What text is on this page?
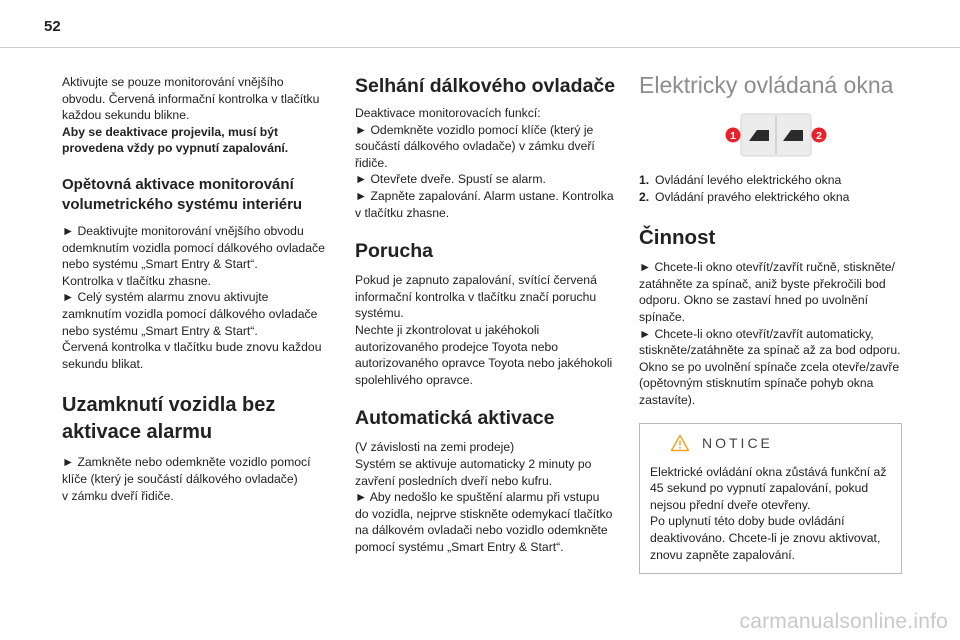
52

Aktivujte se pouze monitorování vnějšího
obvodu. Červená informační kontrolka v tlačítku
každou sekundu blikne.
Aby se deaktivace projevila, musí být
provedena vždy po vypnutí zapalování.

Opětovná aktivace monitorování
volumetrického systému interiéru

► Deaktivujte monitorování vnějšího obvodu
odemknutím vozidla pomocí dálkového ovladače
nebo systému „Smart Entry & Start“.
Kontrolka v tlačítku zhasne.
► Celý systém alarmu znovu aktivujte
zamknutím vozidla pomocí dálkového ovladače
nebo systému „Smart Entry & Start“.
Červená kontrolka v tlačítku bude znovu každou
sekundu blikat.

Uzamknutí vozidla bez
aktivace alarmu

► Zamkněte nebo odemkněte vozidlo pomocí
klíče (který je součástí dálkového ovladače)
v zámku dveří řidiče.

Selhání dálkového ovladače

Deaktivace monitorovacích funkcí:
► Odemkněte vozidlo pomocí klíče (který je
součástí dálkového ovladače) v zámku dveří
řidiče.
► Otevřete dveře. Spustí se alarm.
► Zapněte zapalování. Alarm ustane. Kontrolka
v tlačítku zhasne.

Porucha

Pokud je zapnuto zapalování, svítící červená
informační kontrolka v tlačítku značí poruchu
systému.
Nechte ji zkontrolovat u jakéhokoli
autorizovaného prodejce Toyota nebo
autorizovaného opravce Toyota nebo jakéhokoli
spolehlivého opravce.

Automatická aktivace

(V závislosti na zemi prodeje)
Systém se aktivuje automaticky 2 minuty po
zavření posledních dveří nebo kufru.
► Aby nedošlo ke spuštění alarmu při vstupu
do vozidla, nejprve stiskněte odemykací tlačítko
na dálkovém ovladači nebo vozidlo odemkněte
pomocí systému „Smart Entry & Start“.

Elektricky ovládaná okna
1	2
1. Ovládání levého elektrického okna
2. Ovládání pravého elektrického okna
Činnost

► Chcete-li okno otevřít/zavřít ručně, stiskněte/
zatáhněte za spínač, aniž byste překročili bod
odporu. Okno se zastaví hned po uvolnění
spínače.
► Chcete-li okno otevřít/zavřít automaticky,
stiskněte/zatáhněte za spínač až za bod odporu.
Okno se po uvolnění spínače zcela otevře/zavře
(opětovným stisknutím spínače pohyb okna
zastavíte).

NOTICE

Elektrické ovládání okna zůstává funkční až
45 sekund po vypnutí zapalování, pokud
nejsou přední dveře otevřeny.
Po uplynutí této doby bude ovládání
deaktivováno. Chcete-li je znovu aktivovat,
znovu zapněte zapalování.

carmanualsonline.info
